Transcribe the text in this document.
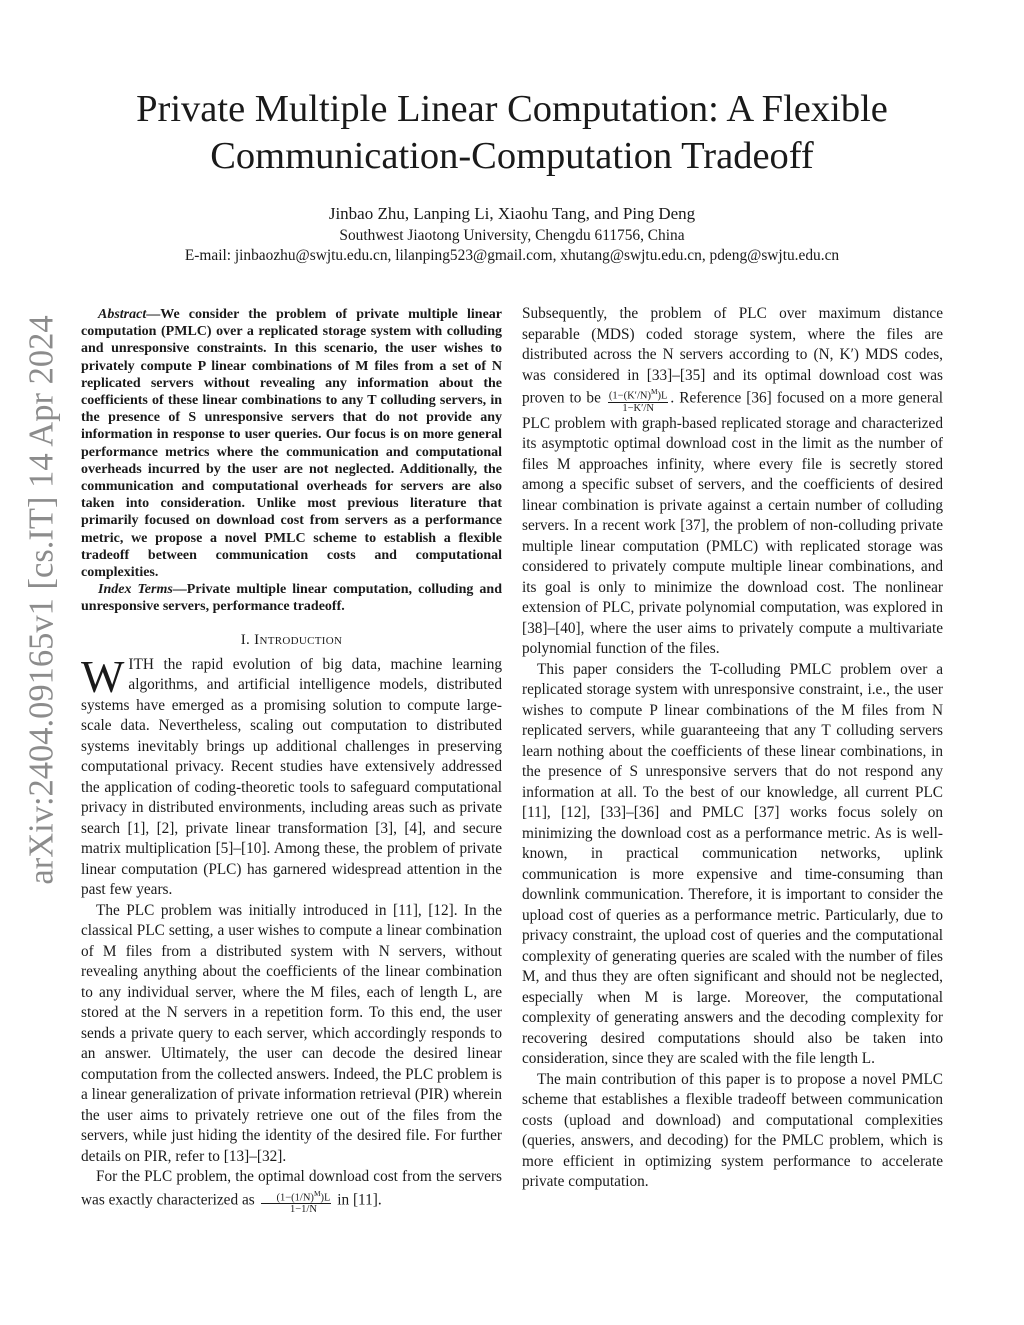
Private Multiple Linear Computation: A Flexible
Communication-Computation Tradeoff
Jinbao Zhu, Lanping Li, Xiaohu Tang, and Ping Deng
Southwest Jiaotong University, Chengdu 611756, China
E-mail: jinbaozhu@swjtu.edu.cn, lilanping523@gmail.com, xhutang@swjtu.edu.cn, pdeng@swjtu.edu.cn
arXiv:2404.09165v1 [cs.IT] 14 Apr 2024

Abstract—We consider the problem of private multiple linear computation (PMLC) over a replicated storage system with colluding and unresponsive constraints. In this scenario, the user wishes to privately compute P linear combinations of M files from a set of N replicated servers without revealing any information about the coefficients of these linear combinations to any T colluding servers, in the presence of S unresponsive servers that do not provide any information in response to user queries. Our focus is on more general performance metrics where the communication and computational overheads incurred by the user are not neglected. Additionally, the communication and computational overheads for servers are also taken into consideration. Unlike most previous literature that primarily focused on download cost from servers as a performance metric, we propose a novel PMLC scheme to establish a flexible tradeoff between communication costs and computational complexities.

Index Terms—Private multiple linear computation, colluding and unresponsive servers, performance tradeoff.

I. Introduction

WITH the rapid evolution of big data, machine learning algorithms, and artificial intelligence models, distributed systems have emerged as a promising solution to compute large-scale data. Nevertheless, scaling out computation to distributed systems inevitably brings up additional challenges in preserving computational privacy. Recent studies have extensively addressed the application of coding-theoretic tools to safeguard computational privacy in distributed environments, including areas such as private search [1], [2], private linear transformation [3], [4], and secure matrix multiplication [5]–[10]. Among these, the problem of private linear computation (PLC) has garnered widespread attention in the past few years.

The PLC problem was initially introduced in [11], [12]. In the classical PLC setting, a user wishes to compute a linear combination of M files from a distributed system with N servers, without revealing anything about the coefficients of the linear combination to any individual server, where the M files, each of length L, are stored at the N servers in a repetition form. To this end, the user sends a private query to each server, which accordingly responds to an answer. Ultimately, the user can decode the desired linear computation from the collected answers. Indeed, the PLC problem is a linear generalization of private information retrieval (PIR) wherein the user aims to privately retrieve one out of the files from the servers, while just hiding the identity of the desired file. For further details on PIR, refer to [13]–[32].

For the PLC problem, the optimal download cost from the servers was exactly characterized as $\frac{(1-(1/N)^M)L}{1-1/N}$ in [11].

Subsequently, the problem of PLC over maximum distance separable (MDS) coded storage system, where the files are distributed across the N servers according to (N, K′) MDS codes, was considered in [33]–[35] and its optimal download cost was proven to be $\frac{(1-(K'/N)^M)L}{1-K'/N}$ . Reference [36] focused on a more general PLC problem with graph-based replicated storage and characterized its asymptotic optimal download cost in the limit as the number of files M approaches infinity, where every file is secretly stored among a specific subset of servers, and the coefficients of desired linear combination is private against a certain number of colluding servers. In a recent work [37], the problem of non-colluding private multiple linear computation (PMLC) with replicated storage was considered to privately compute multiple linear combinations, and its goal is only to minimize the download cost. The nonlinear extension of PLC, private polynomial computation, was explored in [38]–[40], where the user aims to privately compute a multivariate polynomial function of the files.

This paper considers the T-colluding PMLC problem over a replicated storage system with unresponsive constraint, i.e., the user wishes to compute P linear combinations of the M files from N replicated servers, while guaranteeing that any T colluding servers learn nothing about the coefficients of these linear combinations, in the presence of S unresponsive servers that do not respond any information at all. To the best of our knowledge, all current PLC [11], [12], [33]–[36] and PMLC [37] works focus solely on minimizing the download cost as a performance metric. As is well-known, in practical communication networks, uplink communication is more expensive and time-consuming than downlink communication. Therefore, it is important to consider the upload cost of queries as a performance metric. Particularly, due to privacy constraint, the upload cost of queries and the computational complexity of generating queries are scaled with the number of files M, and thus they are often significant and should not be neglected, especially when M is large. Moreover, the computational complexity of generating answers and the decoding complexity for recovering desired computations should also be taken into consideration, since they are scaled with the file length L.

The main contribution of this paper is to propose a novel PMLC scheme that establishes a flexible tradeoff between communication costs (upload and download) and computational complexities (queries, answers, and decoding) for the PMLC problem, which is more efficient in optimizing system performance to accelerate private computation.
